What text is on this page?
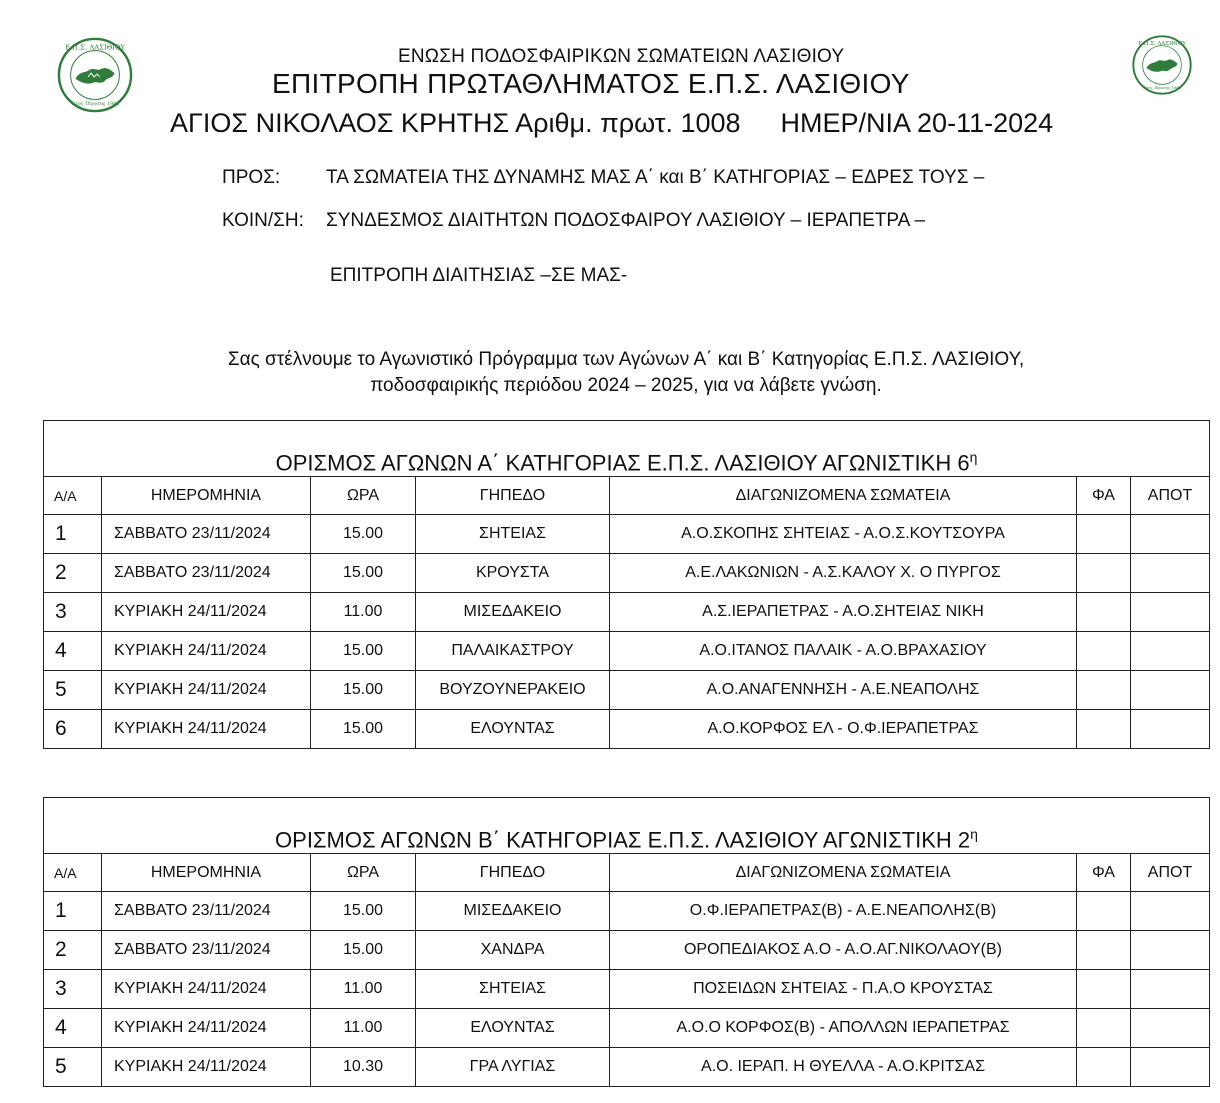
Ε.Π.Σ. ΛΑΣΙΘΙΟΥ
Έτος Ίδρυσης 1982
Ε.Π.Σ. ΛΑΣΙΘΙΟΥ
Έτος Ίδρυσης 1982
ΕΝΩΣΗ ΠΟΔΟΣΦΑΙΡΙΚΩΝ ΣΩΜΑΤΕΙΩΝ ΛΑΣΙΘΙΟΥ
ΕΠΙΤΡΟΠΗ ΠΡΩΤΑΘΛΗΜΑΤΟΣ Ε.Π.Σ. ΛΑΣΙΘΙΟΥ
ΑΓΙΟΣ ΝΙΚΟΛΑΟΣ ΚΡΗΤΗΣ Αριθμ. πρωτ. 1008 ΗΜΕΡ/ΝΙΑ 20-11-2024
ΠΡΟΣ: ΤΑ ΣΩΜΑΤΕΙΑ ΤΗΣ ΔΥΝΑΜΗΣ ΜΑΣ Α΄ και Β΄ ΚΑΤΗΓΟΡΙΑΣ – ΕΔΡΕΣ ΤΟΥΣ –
ΚΟΙΝ/ΣΗ: ΣΥΝΔΕΣΜΟΣ ΔΙΑΙΤΗΤΩΝ ΠΟΔΟΣΦΑΙΡΟΥ ΛΑΣΙΘΙΟΥ – ΙΕΡΑΠΕΤΡΑ –
ΕΠΙΤΡΟΠΗ ΔΙΑΙΤΗΣΙΑΣ –ΣΕ ΜΑΣ-
Σας στέλνουμε το Αγωνιστικό Πρόγραμμα των Αγώνων Α΄ και Β΄ Κατηγορίας Ε.Π.Σ. ΛΑΣΙΘΙΟΥ,
ποδοσφαιρικής περιόδου 2024 – 2025, για να λάβετε γνώση.
ΟΡΙΣΜΟΣ ΑΓΩΝΩΝ Α΄ ΚΑΤΗΓΟΡΙΑΣ Ε.Π.Σ. ΛΑΣΙΘΙΟΥ ΑΓΩΝΙΣΤΙΚΗ $6^\eta$
Α/Α	ΗΜΕΡΟΜΗΝΙΑ	ΩΡΑ	ΓΗΠΕΔΟ	ΔΙΑΓΩΝΙΖΟΜΕΝΑ ΣΩΜΑΤΕΙΑ	ΦΑ	ΑΠΟΤ
1	ΣΑΒΒΑΤΟ 23/11/2024	15.00	ΣΗΤΕΙΑΣ	Α.Ο.ΣΚΟΠΗΣ ΣΗΤΕΙΑΣ - Α.Ο.Σ.ΚΟΥΤΣΟΥΡΑ		
2	ΣΑΒΒΑΤΟ 23/11/2024	15.00	ΚΡΟΥΣΤΑ	Α.Ε.ΛΑΚΩΝΙΩΝ - Α.Σ.ΚΑΛΟΥ Χ. Ο ΠΥΡΓΟΣ		
3	ΚΥΡΙΑΚΗ 24/11/2024	11.00	ΜΙΣΕΔΑΚΕΙΟ	Α.Σ.ΙΕΡΑΠΕΤΡΑΣ - Α.Ο.ΣΗΤΕΙΑΣ ΝΙΚΗ		
4	ΚΥΡΙΑΚΗ 24/11/2024	15.00	ΠΑΛΑΙΚΑΣΤΡΟΥ	Α.Ο.ΙΤΑΝΟΣ ΠΑΛΑΙΚ - Α.Ο.ΒΡΑΧΑΣΙΟΥ		
5	ΚΥΡΙΑΚΗ 24/11/2024	15.00	ΒΟΥΖΟΥΝΕΡΑΚΕΙΟ	Α.Ο.ΑΝΑΓΕΝΝΗΣΗ - Α.Ε.ΝΕΑΠΟΛΗΣ		
6	ΚΥΡΙΑΚΗ 24/11/2024	15.00	ΕΛΟΥΝΤΑΣ	Α.Ο.ΚΟΡΦΟΣ ΕΛ - Ο.Φ.ΙΕΡΑΠΕΤΡΑΣ		
ΟΡΙΣΜΟΣ ΑΓΩΝΩΝ Β΄ ΚΑΤΗΓΟΡΙΑΣ Ε.Π.Σ. ΛΑΣΙΘΙΟΥ ΑΓΩΝΙΣΤΙΚΗ $2^\eta$
Α/Α	ΗΜΕΡΟΜΗΝΙΑ	ΩΡΑ	ΓΗΠΕΔΟ	ΔΙΑΓΩΝΙΖΟΜΕΝΑ ΣΩΜΑΤΕΙΑ	ΦΑ	ΑΠΟΤ
1	ΣΑΒΒΑΤΟ 23/11/2024	15.00	ΜΙΣΕΔΑΚΕΙΟ	Ο.Φ.ΙΕΡΑΠΕΤΡΑΣ(Β) - Α.Ε.ΝΕΑΠΟΛΗΣ(Β)		
2	ΣΑΒΒΑΤΟ 23/11/2024	15.00	ΧΑΝΔΡΑ	ΟΡΟΠΕΔΙΑΚΟΣ Α.Ο - Α.Ο.ΑΓ.ΝΙΚΟΛΑΟΥ(Β)		
3	ΚΥΡΙΑΚΗ 24/11/2024	11.00	ΣΗΤΕΙΑΣ	ΠΟΣΕΙΔΩΝ ΣΗΤΕΙΑΣ - Π.Α.Ο ΚΡΟΥΣΤΑΣ		
4	ΚΥΡΙΑΚΗ 24/11/2024	11.00	ΕΛΟΥΝΤΑΣ	Α.Ο.Ο ΚΟΡΦΟΣ(Β) - ΑΠΟΛΛΩΝ ΙΕΡΑΠΕΤΡΑΣ		
5	ΚΥΡΙΑΚΗ 24/11/2024	10.30	ΓΡΑ ΛΥΓΙΑΣ	Α.Ο. ΙΕΡΑΠ. Η ΘΥΕΛΛΑ - Α.Ο.ΚΡΙΤΣΑΣ		
